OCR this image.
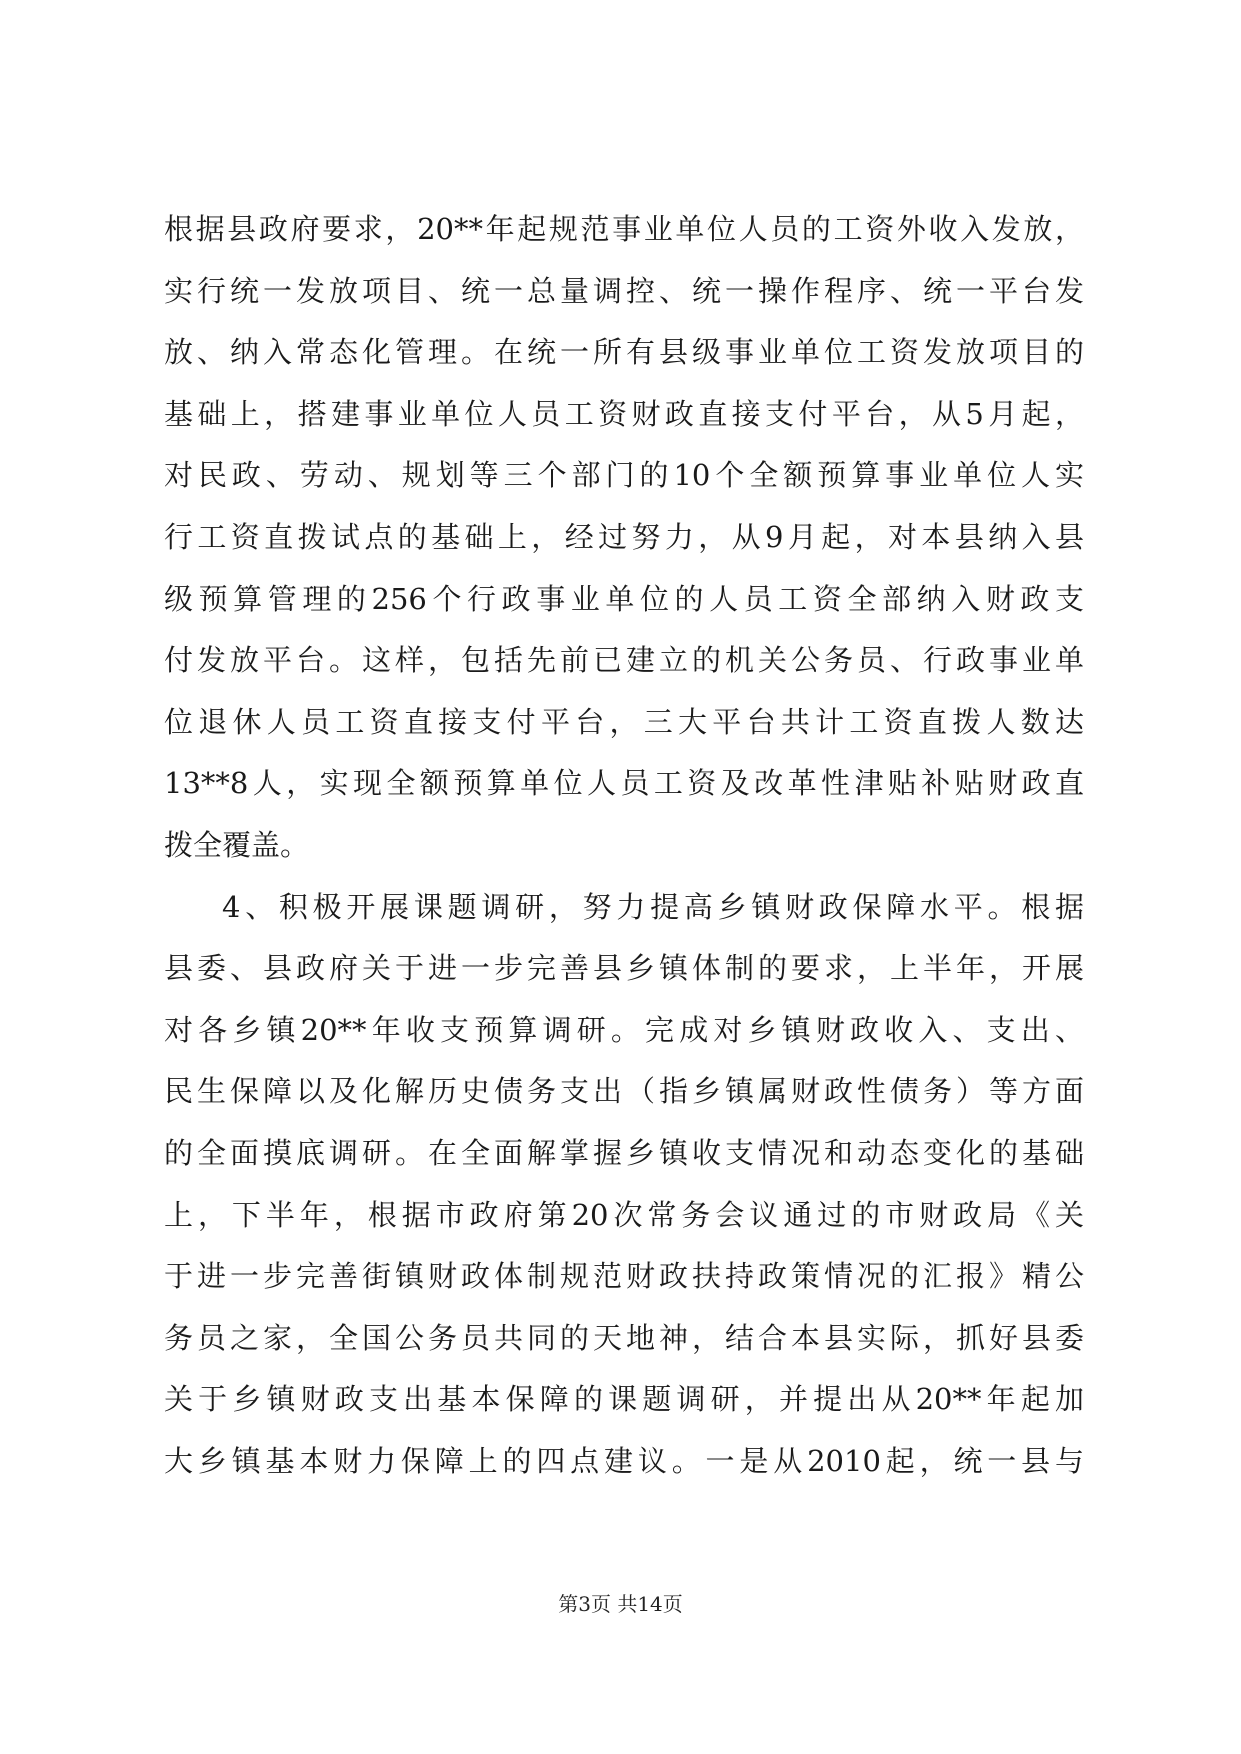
根据县政府要求，20**年起规范事业单位人员的工资外收入发放，
实行统一发放项目、统一总量调控、统一操作程序、统一平台发
放、纳入常态化管理。在统一所有县级事业单位工资发放项目的
基础上，搭建事业单位人员工资财政直接支付平台，从5月起，
对民政、劳动、规划等三个部门的10个全额预算事业单位人实
行工资直拨试点的基础上，经过努力，从9月起，对本县纳入县
级预算管理的256个行政事业单位的人员工资全部纳入财政支
付发放平台。这样，包括先前已建立的机关公务员、行政事业单
位退休人员工资直接支付平台，三大平台共计工资直拨人数达
13**8人，实现全额预算单位人员工资及改革性津贴补贴财政直
拨全覆盖。
4、积极开展课题调研，努力提高乡镇财政保障水平。根据
县委、县政府关于进一步完善县乡镇体制的要求，上半年，开展
对各乡镇20**年收支预算调研。完成对乡镇财政收入、支出、
民生保障以及化解历史债务支出（指乡镇属财政性债务）等方面
的全面摸底调研。在全面解掌握乡镇收支情况和动态变化的基础
上，下半年，根据市政府第20次常务会议通过的市财政局《关
于进一步完善街镇财政体制规范财政扶持政策情况的汇报》精公
务员之家，全国公务员共同的天地神，结合本县实际，抓好县委
关于乡镇财政支出基本保障的课题调研，并提出从20**年起加
大乡镇基本财力保障上的四点建议。一是从2010起，统一县与
第3页 共14页
